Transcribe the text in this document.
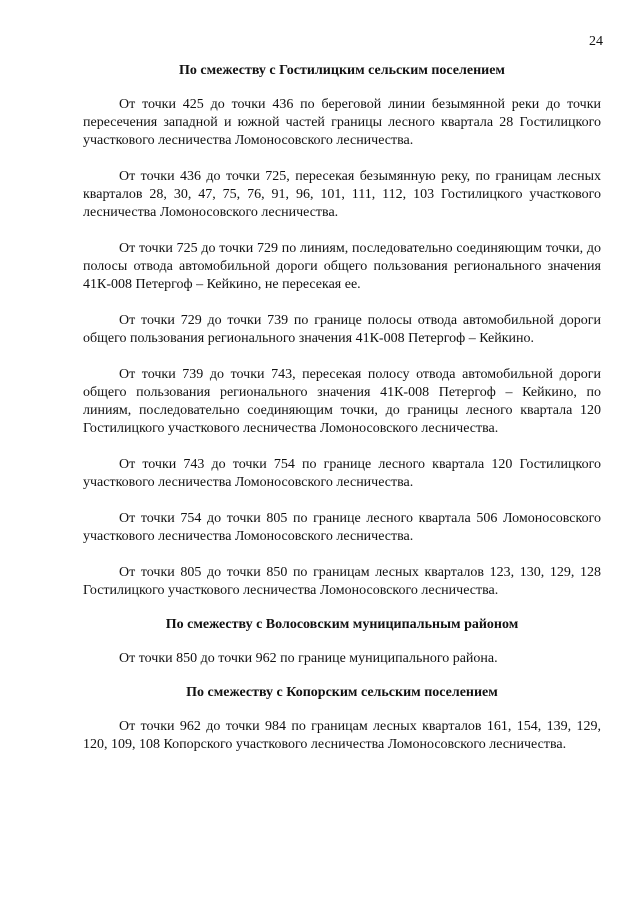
24
По смежеству с Гостилицким сельским поселением

От точки 425 до точки 436 по береговой линии безымянной реки до точки пересечения западной и южной частей границы лесного квартала 28 Гостилицкого участкового лесничества Ломоносовского лесничества.

От точки 436 до точки 725, пересекая безымянную реку, по границам лесных кварталов 28, 30, 47, 75, 76, 91, 96, 101, 111, 112, 103 Гостилицкого участкового лесничества Ломоносовского лесничества.

От точки 725 до точки 729 по линиям, последовательно соединяющим точки, до полосы отвода автомобильной дороги общего пользования регионального значения 41К-008 Петергоф – Кейкино, не пересекая ее.

От точки 729 до точки 739 по границе полосы отвода автомобильной дороги общего пользования регионального значения 41К-008 Петергоф – Кейкино.

От точки 739 до точки 743, пересекая полосу отвода автомобильной дороги общего пользования регионального значения 41К-008 Петергоф – Кейкино, по линиям, последовательно соединяющим точки, до границы лесного квартала 120 Гостилицкого участкового лесничества Ломоносовского лесничества.

От точки 743 до точки 754 по границе лесного квартала 120 Гостилицкого участкового лесничества Ломоносовского лесничества.

От точки 754 до точки 805 по границе лесного квартала 506 Ломоносовского участкового лесничества Ломоносовского лесничества.

От точки 805 до точки 850 по границам лесных кварталов 123, 130, 129, 128 Гостилицкого участкового лесничества Ломоносовского лесничества.

По смежеству с Волосовским муниципальным районом

От точки 850 до точки 962 по границе муниципального района.

По смежеству с Копорским сельским поселением

От точки 962 до точки 984 по границам лесных кварталов 161, 154, 139, 129, 120, 109, 108 Копорского участкового лесничества Ломоносовского лесничества.
